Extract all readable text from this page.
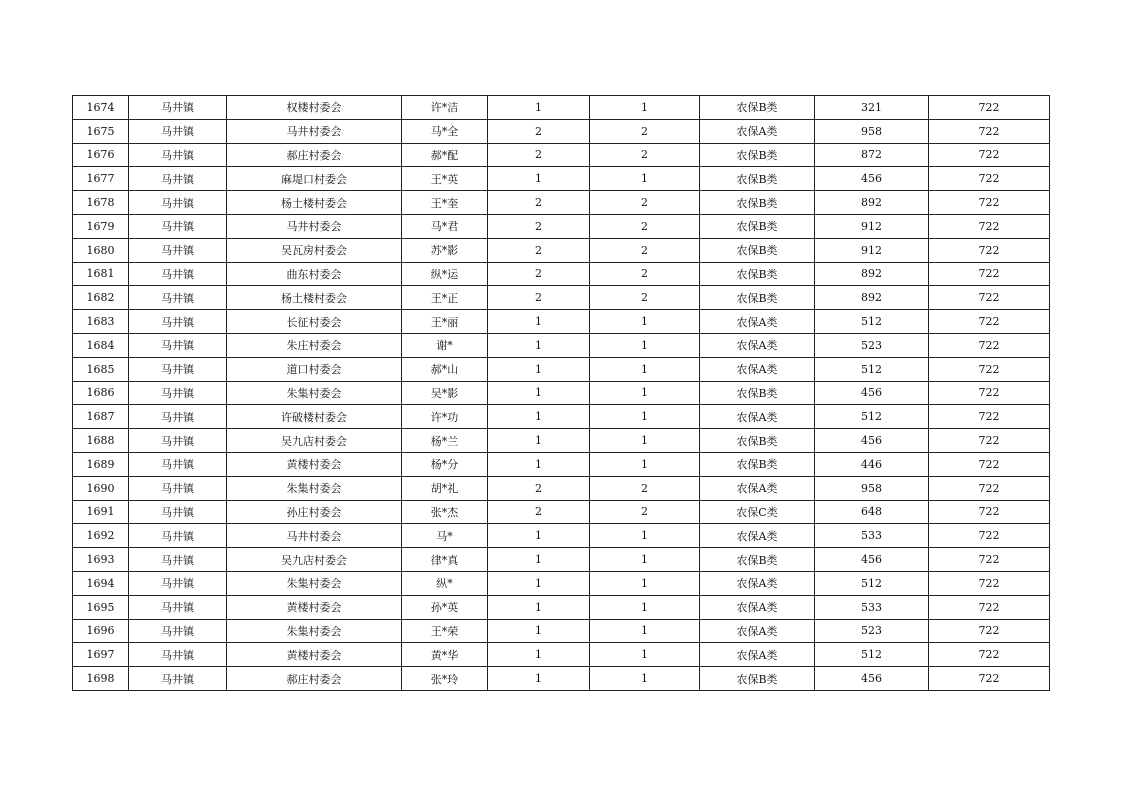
1674	马井镇	权楼村委会	许*洁	1	1	农保B类	321	722
1675	马井镇	马井村委会	马*全	2	2	农保A类	958	722
1676	马井镇	郝庄村委会	郝*配	2	2	农保B类	872	722
1677	马井镇	麻堤口村委会	王*英	1	1	农保B类	456	722
1678	马井镇	杨土楼村委会	王*奎	2	2	农保B类	892	722
1679	马井镇	马井村委会	马*君	2	2	农保B类	912	722
1680	马井镇	吴瓦房村委会	苏*影	2	2	农保B类	912	722
1681	马井镇	曲东村委会	纵*运	2	2	农保B类	892	722
1682	马井镇	杨土楼村委会	王*正	2	2	农保B类	892	722
1683	马井镇	长征村委会	王*丽	1	1	农保A类	512	722
1684	马井镇	朱庄村委会	谢*	1	1	农保A类	523	722
1685	马井镇	道口村委会	郝*山	1	1	农保A类	512	722
1686	马井镇	朱集村委会	吴*影	1	1	农保B类	456	722
1687	马井镇	许破楼村委会	许*功	1	1	农保A类	512	722
1688	马井镇	吴九店村委会	杨*兰	1	1	农保B类	456	722
1689	马井镇	黄楼村委会	杨*分	1	1	农保B类	446	722
1690	马井镇	朱集村委会	胡*礼	2	2	农保A类	958	722
1691	马井镇	孙庄村委会	张*杰	2	2	农保C类	648	722
1692	马井镇	马井村委会	马*	1	1	农保A类	533	722
1693	马井镇	吴九店村委会	律*真	1	1	农保B类	456	722
1694	马井镇	朱集村委会	纵*	1	1	农保A类	512	722
1695	马井镇	黄楼村委会	孙*英	1	1	农保A类	533	722
1696	马井镇	朱集村委会	王*荣	1	1	农保A类	523	722
1697	马井镇	黄楼村委会	黄*华	1	1	农保A类	512	722
1698	马井镇	郝庄村委会	张*玲	1	1	农保B类	456	722
